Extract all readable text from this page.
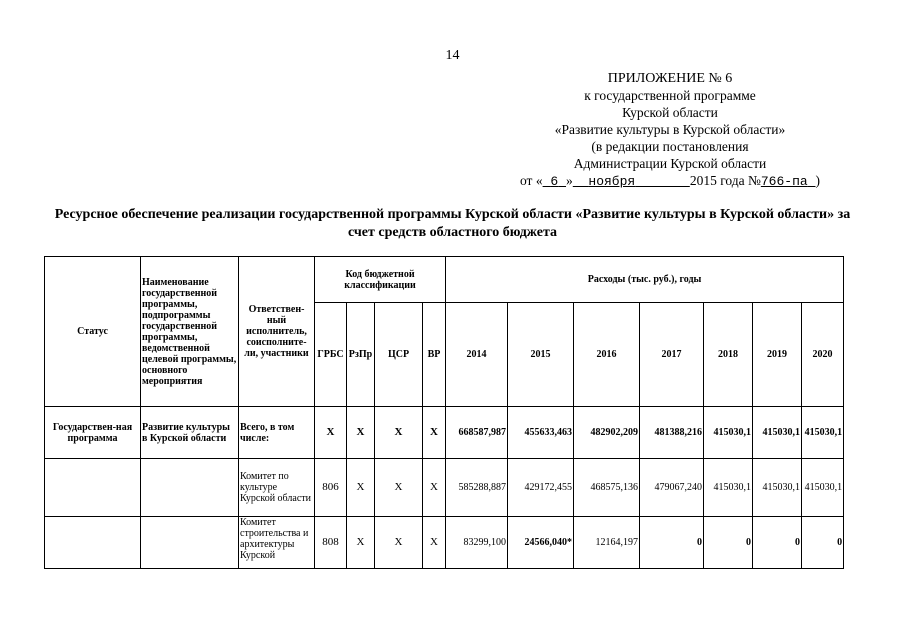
14
ПРИЛОЖЕНИЕ № 6
к государственной программе
Курской области
«Развитие культуры в Курской области»
(в редакции постановления
Администрации Курской области
от « 6 » ноября	2015 года №766-па )
Ресурсное обеспечение реализации государственной программы Курской области «Развитие культуры в Курской области» за счет средств областного бюджета
Статус	Наименование государственной программы, подпрограммы государственной программы, ведомственной целевой программы, основного мероприятия	Ответствен-ный исполнитель, соисполните-ли, участники	Код бюджетной классификации				Расходы (тыс. руб.), годы						
			ГРБС	РзПр	ЦСР	ВР	2014	2015	2016	2017	2018	2019	2020
Государствен-ная программа	Развитие культуры в Курской области	Всего, в том числе:	X	X	X	X	668587,987	455633,463	482902,209	481388,216	415030,1	415030,1	415030,1
		Комитет по культуре Курской области	806	X	X	X	585288,887	429172,455	468575,136	479067,240	415030,1	415030,1	415030,1
		Комитет строительства и архитектуры Курской	808	X	X	X	83299,100	24566,040*	12164,197	0	0	0	0
